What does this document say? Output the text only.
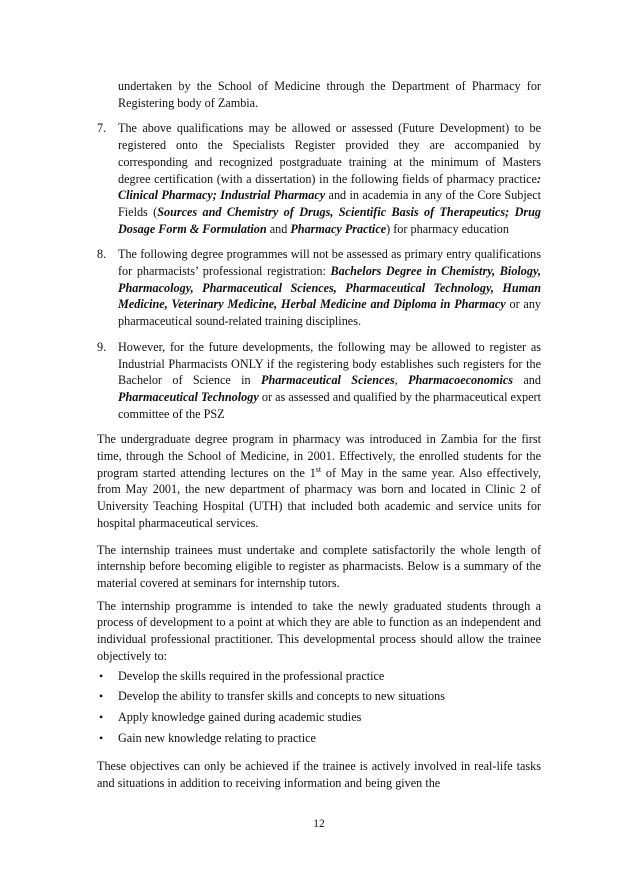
undertaken by the School of Medicine through the Department of Pharmacy for Registering body of Zambia.

7. The above qualifications may be allowed or assessed (Future Development) to be registered onto the Specialists Register provided they are accompanied by corresponding and recognized postgraduate training at the minimum of Masters degree certification (with a dissertation) in the following fields of pharmacy practice: Clinical Pharmacy; Industrial Pharmacy and in academia in any of the Core Subject Fields (Sources and Chemistry of Drugs, Scientific Basis of Therapeutics; Drug Dosage Form & Formulation and Pharmacy Practice) for pharmacy education
8. The following degree programmes will not be assessed as primary entry qualifications for pharmacists’ professional registration: Bachelors Degree in Chemistry, Biology, Pharmacology, Pharmaceutical Sciences, Pharmaceutical Technology, Human Medicine, Veterinary Medicine, Herbal Medicine and Diploma in Pharmacy or any pharmaceutical sound-related training disciplines.
9. However, for the future developments, the following may be allowed to register as Industrial Pharmacists ONLY if the registering body establishes such registers for the Bachelor of Science in Pharmaceutical Sciences, Pharmacoeconomics and Pharmaceutical Technology or as assessed and qualified by the pharmaceutical expert committee of the PSZ

The undergraduate degree program in pharmacy was introduced in Zambia for the first time, through the School of Medicine, in 2001. Effectively, the enrolled students for the program started attending lectures on the 1st of May in the same year. Also effectively, from May 2001, the new department of pharmacy was born and located in Clinic 2 of University Teaching Hospital (UTH) that included both academic and service units for hospital pharmaceutical services.

The internship trainees must undertake and complete satisfactorily the whole length of internship before becoming eligible to register as pharmacists. Below is a summary of the material covered at seminars for internship tutors.

The internship programme is intended to take the newly graduated students through a process of development to a point at which they are able to function as an independent and individual professional practitioner. This developmental process should allow the trainee objectively to:

• Develop the skills required in the professional practice
• Develop the ability to transfer skills and concepts to new situations
• Apply knowledge gained during academic studies
• Gain new knowledge relating to practice

These objectives can only be achieved if the trainee is actively involved in real-life tasks and situations in addition to receiving information and being given the

12
